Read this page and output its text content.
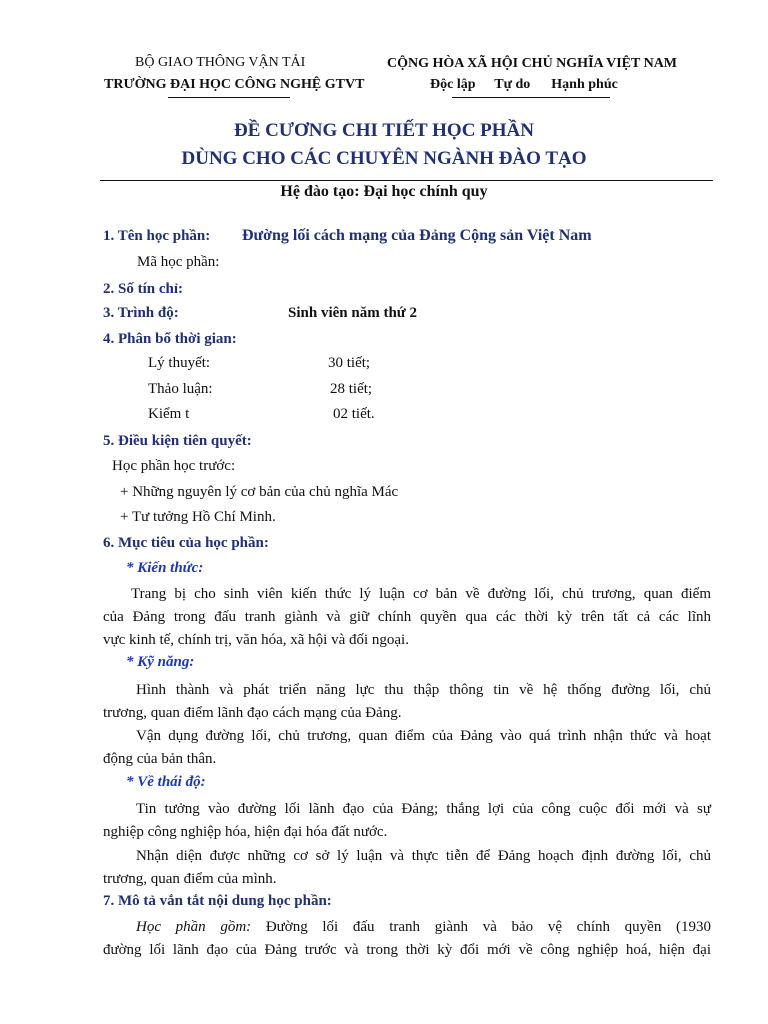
BỘ GIAO THÔNG VẬN TẢI
TRƯỜNG ĐẠI HỌC CÔNG NGHỆ GTVT
CỘNG HÒA XÃ HỘI CHỦ NGHĨA VIỆT NAM
Độc lập Tự do Hạnh phúc
ĐỀ CƯƠNG CHI TIẾT HỌC PHẦN
DÙNG CHO CÁC CHUYÊN NGÀNH ĐÀO TẠO
Hệ đào tạo: Đại học chính quy
1. Tên học phần: Đường lối cách mạng của Đảng Cộng sản Việt Nam
Mã học phần:
2. Số tín chỉ:
3. Trình độ:	Sinh viên năm thứ 2
4. Phân bổ thời gian:
Lý thuyết:	30 tiết;
Thảo luận:	28 tiết;
Kiểm t	02 tiết.
5. Điều kiện tiên quyết:
Học phần học trước:
+ Những nguyên lý cơ bản của chủ nghĩa Mác
+ Tư tưởng Hồ Chí Minh.
6. Mục tiêu của học phần:
* Kiến thức:
Trang bị cho sinh viên kiến thức lý luận cơ bản về đường lối, chủ trương, quan điểm
của Đảng trong đấu tranh giành và giữ chính quyền qua các thời kỳ trên tất cả các lĩnh
vực kinh tế, chính trị, văn hóa, xã hội và đối ngoại.
* Kỹ năng:
Hình thành và phát triển năng lực thu thập thông tin về hệ thống đường lối, chủ
trương, quan điểm lãnh đạo cách mạng của Đảng.
Vận dụng đường lối, chủ trương, quan điểm của Đảng vào quá trình nhận thức và hoạt
động của bản thân.
* Về thái độ:
Tin tưởng vào đường lối lãnh đạo của Đảng; thắng lợi của công cuộc đổi mới và sự
nghiệp công nghiệp hóa, hiện đại hóa đất nước.
Nhận diện được những cơ sở lý luận và thực tiễn để Đảng hoạch định đường lối, chủ
trương, quan điểm của mình.
7. Mô tả vắn tắt nội dung học phần:
Học phần gồm: Đường lối đấu tranh giành và bảo vệ chính quyền (1930
đường lối lãnh đạo của Đảng trước và trong thời kỳ đổi mới về công nghiệp hoá, hiện đại
